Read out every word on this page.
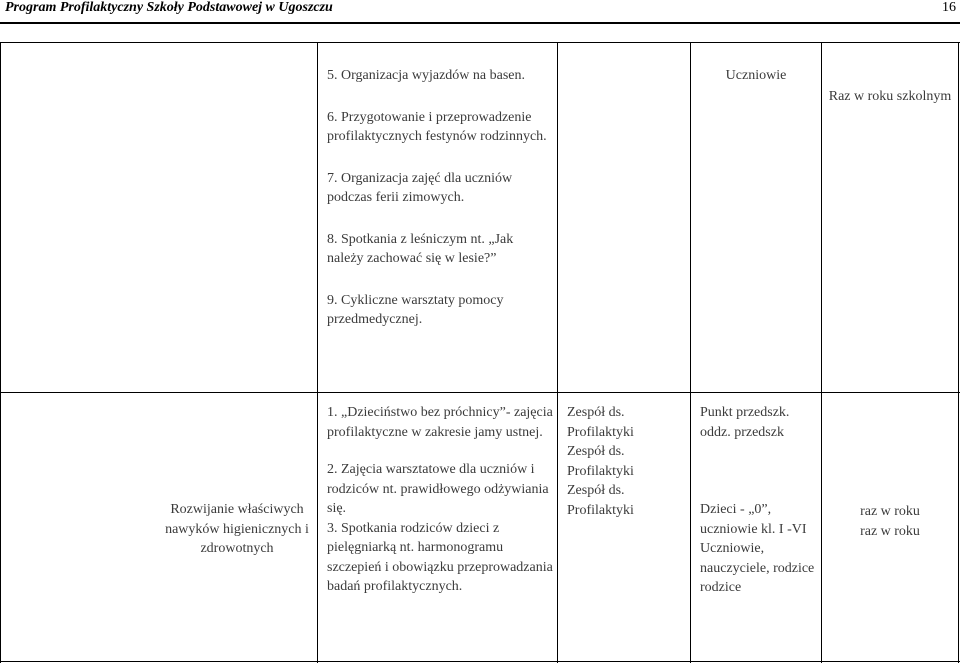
Program Profilaktyczny Szkoły Podstawowej w Ugoszczu	16

5. Organizacja wyjazdów na basen.

6. Przygotowanie i przeprowadzenie profilaktycznych festynów rodzinnych.

7. Organizacja zajęć dla uczniów podczas ferii zimowych.

8. Spotkania z leśniczym nt. „Jak należy zachować się w lesie?”

9. Cykliczne warsztaty pomocy przedmedycznej.

Uczniowie
Raz w roku szkolnym
Rozwijanie właściwych nawyków higienicznych i zdrowotnych

1. „Dzieciństwo bez próchnicy”- zajęcia profilaktyczne w zakresie jamy ustnej.

2. Zajęcia warsztatowe dla uczniów i rodziców nt. prawidłowego odżywiania się.

3. Spotkania rodziców dzieci z pielęgniarką nt. harmonogramu szczepień i obowiązku przeprowadzania badań profilaktycznych.

Zespół ds. Profilaktyki

Zespół ds. Profilaktyki

Zespół ds. Profilaktyki

Punkt przedszk. oddz. przedszk

Dzieci - „0”, uczniowie kl. I -VI

Uczniowie, nauczyciele, rodzice

rodzice

raz w roku

raz w roku
